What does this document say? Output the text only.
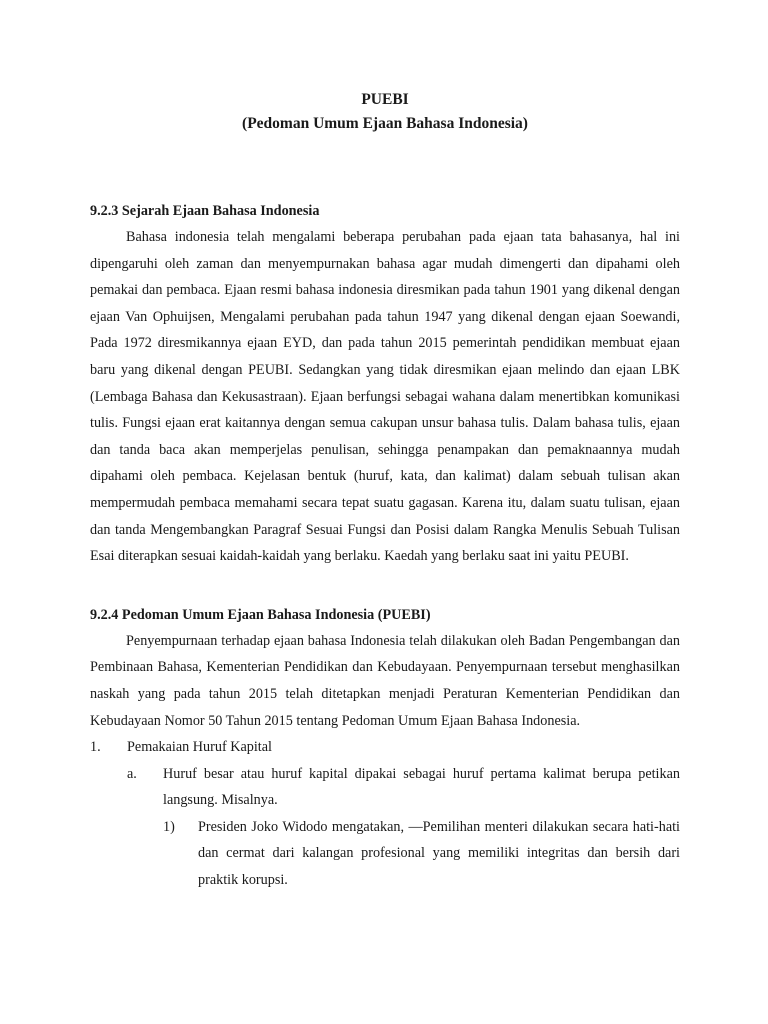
PUEBI

(Pedoman Umum Ejaan Bahasa Indonesia)

9.2.3 Sejarah Ejaan Bahasa Indonesia

Bahasa indonesia telah mengalami beberapa perubahan pada ejaan tata bahasanya, hal ini dipengaruhi oleh zaman dan menyempurnakan bahasa agar mudah dimengerti dan dipahami oleh pemakai dan pembaca. Ejaan resmi bahasa indonesia diresmikan pada tahun 1901 yang dikenal dengan ejaan Van Ophuijsen, Mengalami perubahan pada tahun 1947 yang dikenal dengan ejaan Soewandi, Pada 1972 diresmikannya ejaan EYD, dan pada tahun 2015 pemerintah pendidikan membuat ejaan baru yang dikenal dengan PEUBI. Sedangkan yang tidak diresmikan ejaan melindo dan ejaan LBK (Lembaga Bahasa dan Kekusastraan). Ejaan berfungsi sebagai wahana dalam menertibkan komunikasi tulis. Fungsi ejaan erat kaitannya dengan semua cakupan unsur bahasa tulis. Dalam bahasa tulis, ejaan dan tanda baca akan memperjelas penulisan, sehingga penampakan dan pemaknaannya mudah dipahami oleh pembaca. Kejelasan bentuk (huruf, kata, dan kalimat) dalam sebuah tulisan akan mempermudah pembaca memahami secara tepat suatu gagasan. Karena itu, dalam suatu tulisan, ejaan dan tanda Mengembangkan Paragraf Sesuai Fungsi dan Posisi dalam Rangka Menulis Sebuah Tulisan Esai diterapkan sesuai kaidah-kaidah yang berlaku. Kaedah yang berlaku saat ini yaitu PEUBI.

9.2.4 Pedoman Umum Ejaan Bahasa Indonesia (PUEBI)

Penyempurnaan terhadap ejaan bahasa Indonesia telah dilakukan oleh Badan Pengembangan dan Pembinaan Bahasa, Kementerian Pendidikan dan Kebudayaan. Penyempurnaan tersebut menghasilkan naskah yang pada tahun 2015 telah ditetapkan menjadi Peraturan Kementerian Pendidikan dan Kebudayaan Nomor 50 Tahun 2015 tentang Pedoman Umum Ejaan Bahasa Indonesia.

1.	Pemakaian Huruf Kapital
a.	Huruf besar atau huruf kapital dipakai sebagai huruf pertama kalimat berupa petikan langsung. Misalnya.
1)	Presiden Joko Widodo mengatakan, —Pemilihan menteri dilakukan secara hati-hati dan cermat dari kalangan profesional yang memiliki integritas dan bersih dari praktik korupsi.
